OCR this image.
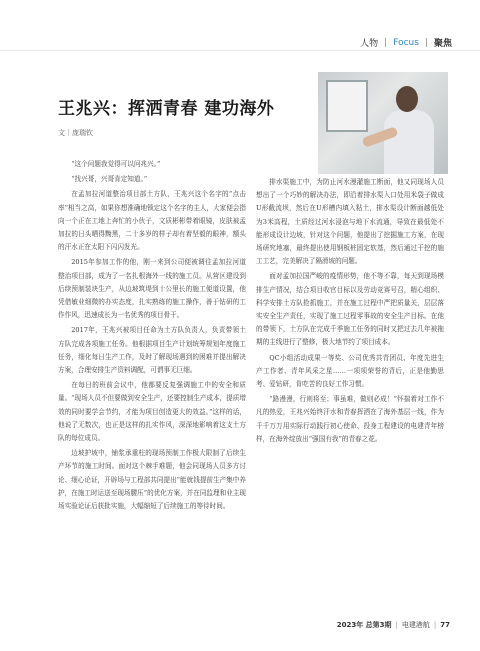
人物 | Focus | 聚焦
王兆兴：挥洒青春 建功海外
文｜庞瑞钦

“这个问题我觉得可以问兆兴。”

“找兴哥，兴哥肯定知道。”

在孟加拉河道整治项目部土方队，王兆兴这个名字的“点击率”相当之高，如果你想准确地锁定这个名字的主人，大家便会指向一个正在工地上奔忙的小伙子，文质彬彬带着眼镜，皮肤被孟加拉的日头晒得黝黑，二十多岁的样子却有着坚毅的眼神，额头的汗水正在太阳下闪闪发光。

2015年参加工作的他，刚一来到公司便被调往孟加拉河道整治项目部，成为了一名扎根海外一线的施工员。从营区建设到后续预制装块生产，从边坡筑堤到十公里长的施工便道设置，他凭借敏业细微的办实态度，扎实熟练的施工操作，善于钻研的工作作风，迅速成长为一名优秀的项目骨干。

2017年，王兆兴被项目任命为土方队负责人，负责带领土方队完成各项施工任务。他根据项目生产计划统筹规划年度施工任务，细化每日生产工作，及时了解现场遇到的困难并提出解决方案，合理安排生产资料调配，可谓事无巨细。

在每日的班前会议中，他都要反复强调施工中的安全和质量。“现场人员不但要做到安全生产，还要控制生产成本，提质增效的同时要学会节约，才能为项目创造更大的效益。”这样的话，他说了无数次，也正是这样的扎实作风，深深地影响着这支土方队的每位成员。

边坡护坡中，铺浆承重柱的现场预制工作极大限制了后续生产环节的施工时间。面对这个棘手难题，他会同现场人员多方讨论、细心论证，开辟场与工程部共同提出“能就钱提前生产集中养护，在施工时运送至现场腰压”的优化方案，并在同监理和业主现场实验论证后获批实施，大幅缩短了后续施工的等待时间。

排水渠施工中，为防止河水漫灌施工断面，他又同现场人员想出了一个巧妙的解决办法，即沿着排水渠入口处用米袋子做成U形截流坝，然后在U形槽内填入粘土，排水渠设计断面越低处为3米高程，土质经过河水浸泡与地下水流通，导致在最低处不能形成设计边坡，针对这个问题，他提出了挖掘施工方案，在现场研究地塞，最终提出使用钢板桩固定软基，然后通过干挖的施工工艺，完美解决了隔滑坡的问题。

面对孟加拉国严峻的疫情形势，他不等不靠，每天到现场模排生产情况，结合项目收官目标以及劳动竞赛号召，精心组织、科学安排土方队抢抓施工，并在施工过程中严把质量关，层层落实安全生产责任，实现了施工过程零事故的安全生产目标。在他的带领下，土方队在完成千季施工任务的同时又把过去几年被拖期的主线进行了整修，极大地节约了项目成本。

QC小组活动成果一等奖、公司优秀共青团员、年度先进生产工作者、青年风采之星……一项项荣誉的背后，正是他勤思考、爱钻研，肯吃苦的良好工作习惯。

“路漫漫，行则将至；事虽难，做则必成！”怀揣着对工作不凡的热爱，王兆兴始终汗水和青春挥洒在了海外基层一线，作为千千万万用实际行动践行初心使命、投身工程建设的电建青年榜样，在海外绽放出“强国有我”的青春之花。

2023年 总第3期 | 电建港航 | 77
